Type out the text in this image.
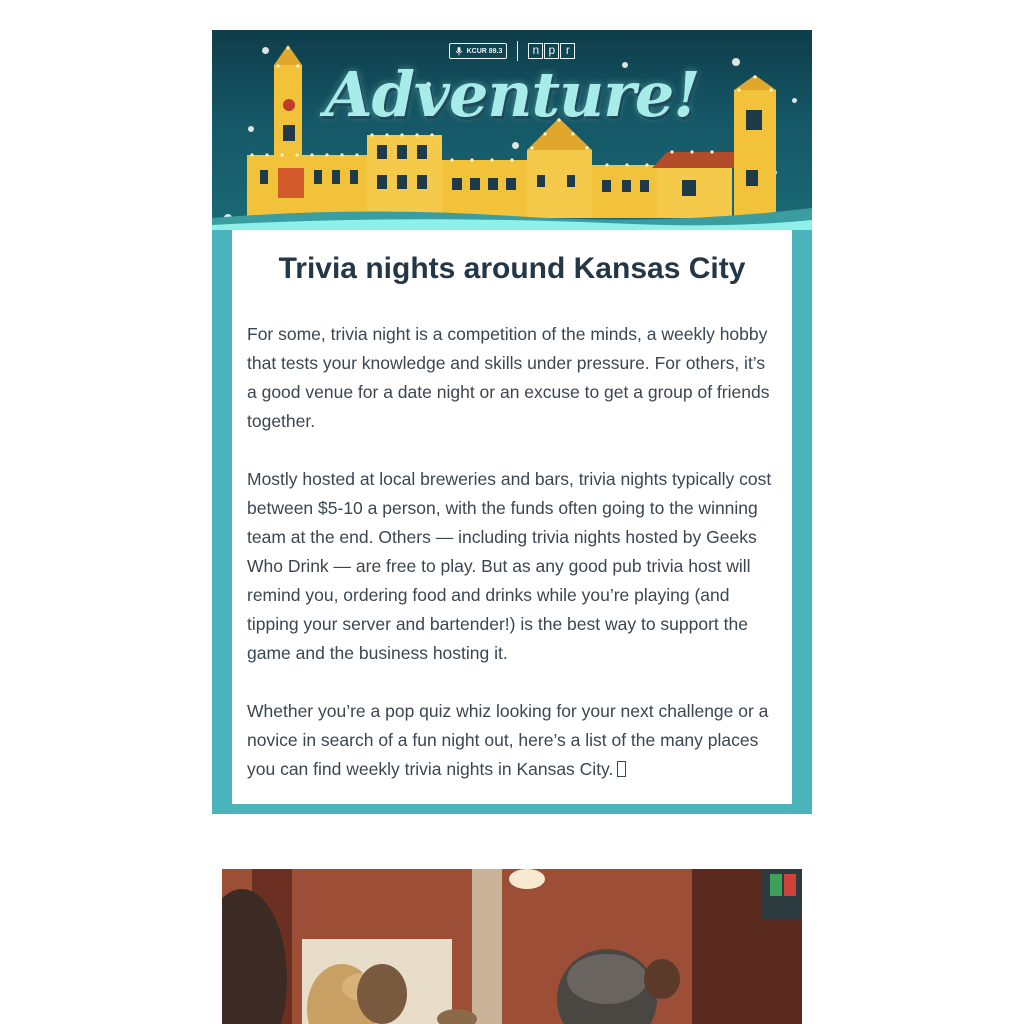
KCUR 89.3	n p r
Adventure!
Trivia nights around Kansas City

For some, trivia night is a competition of the minds, a weekly hobby that tests your knowledge and skills under pressure. For others, it’s a good venue for a date night or an excuse to get a group of friends together.

Mostly hosted at local breweries and bars, trivia nights typically cost between $5-10 a person, with the funds often going to the winning team at the end. Others — including trivia nights hosted by Geeks Who Drink — are free to play. But as any good pub trivia host will remind you, ordering food and drinks while you’re playing (and tipping your server and bartender!) is the best way to support the game and the business hosting it.

Whether you’re a pop quiz whiz looking for your next challenge or a novice in search of a fun night out, here’s a list of the many places you can find weekly trivia nights in Kansas City.
